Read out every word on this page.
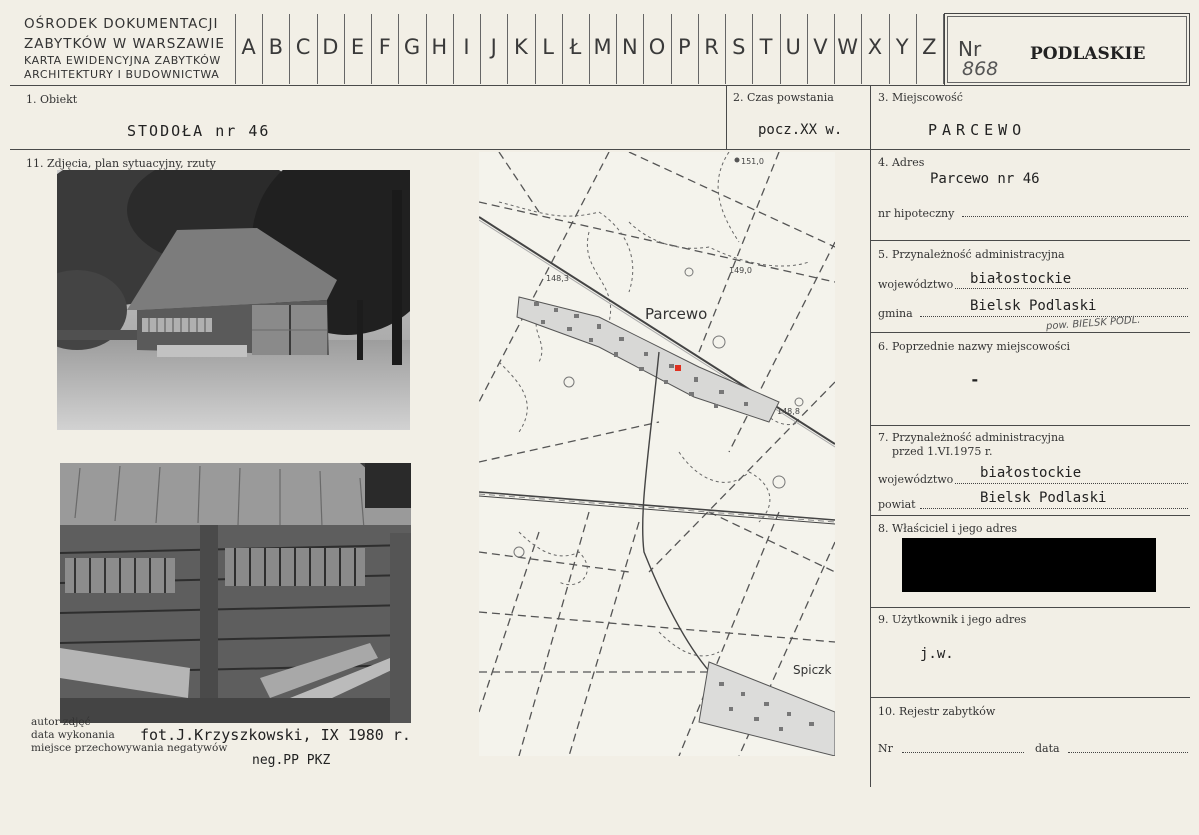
OŚRODEK DOKUMENTACJI
ZABYTKÓW W WARSZAWIE
KARTA EWIDENCYJNA ZABYTKÓW
ARCHITEKTURY I BUDOWNICTWA
A B C D E F G H I	J K L Ł M N O P R S T U V W X Y Z	Nr
868
PODLASKIE
1. Obiekt
STODOŁA nr 46
2. Czas powstania
pocz.XX w.
3. Miejscowość
PARCEWO
11. Zdjęcia, plan sytuacyjny, rzuty
autor zdjęć
data wykonania
miejsce przechowywania negatywów
fot.J.Krzyszkowski, IX 1980 r.
neg.PP PKZ
151,0
148,3
149,0
148,8
Parcewo
Spiczk
4. Adres
Parcewo nr 46
nr hipoteczny
5. Przynależność administracyjna
województwo białostockie
gmina	Bielsk Podlaski
pow. BIELSK PODL.
6. Poprzednie nazwy miejscowości
-
7. Przynależność administracyjna
przed 1.VI.1975 r.
województwo białostockie
powiat	Bielsk Podlaski
8. Właściciel i jego adres
9. Użytkownik i jego adres
j.w.
10. Rejestr zabytków
Nr	data
